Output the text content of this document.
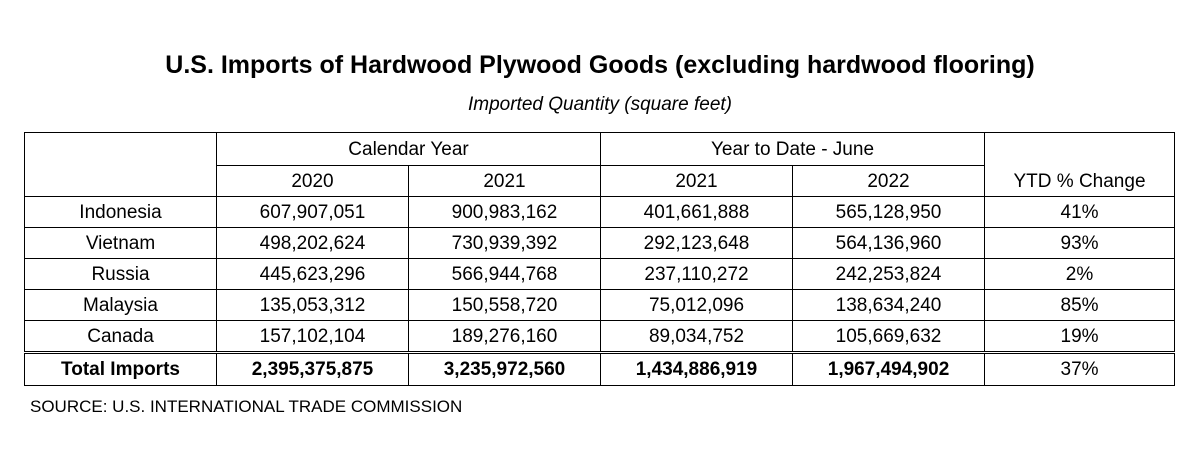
U.S. Imports of Hardwood Plywood Goods (excluding hardwood flooring)
Imported Quantity (square feet)
	Calendar Year		Year to Date - June		YTD % Change
	2020	2021	2021	2022	
Indonesia	607,907,051	900,983,162	401,661,888	565,128,950	41%
Vietnam	498,202,624	730,939,392	292,123,648	564,136,960	93%
Russia	445,623,296	566,944,768	237,110,272	242,253,824	2%
Malaysia	135,053,312	150,558,720	75,012,096	138,634,240	85%
Canada	157,102,104	189,276,160	89,034,752	105,669,632	19%
Total Imports	2,395,375,875	3,235,972,560	1,434,886,919	1,967,494,902	37%
SOURCE: U.S. INTERNATIONAL TRADE COMMISSION
